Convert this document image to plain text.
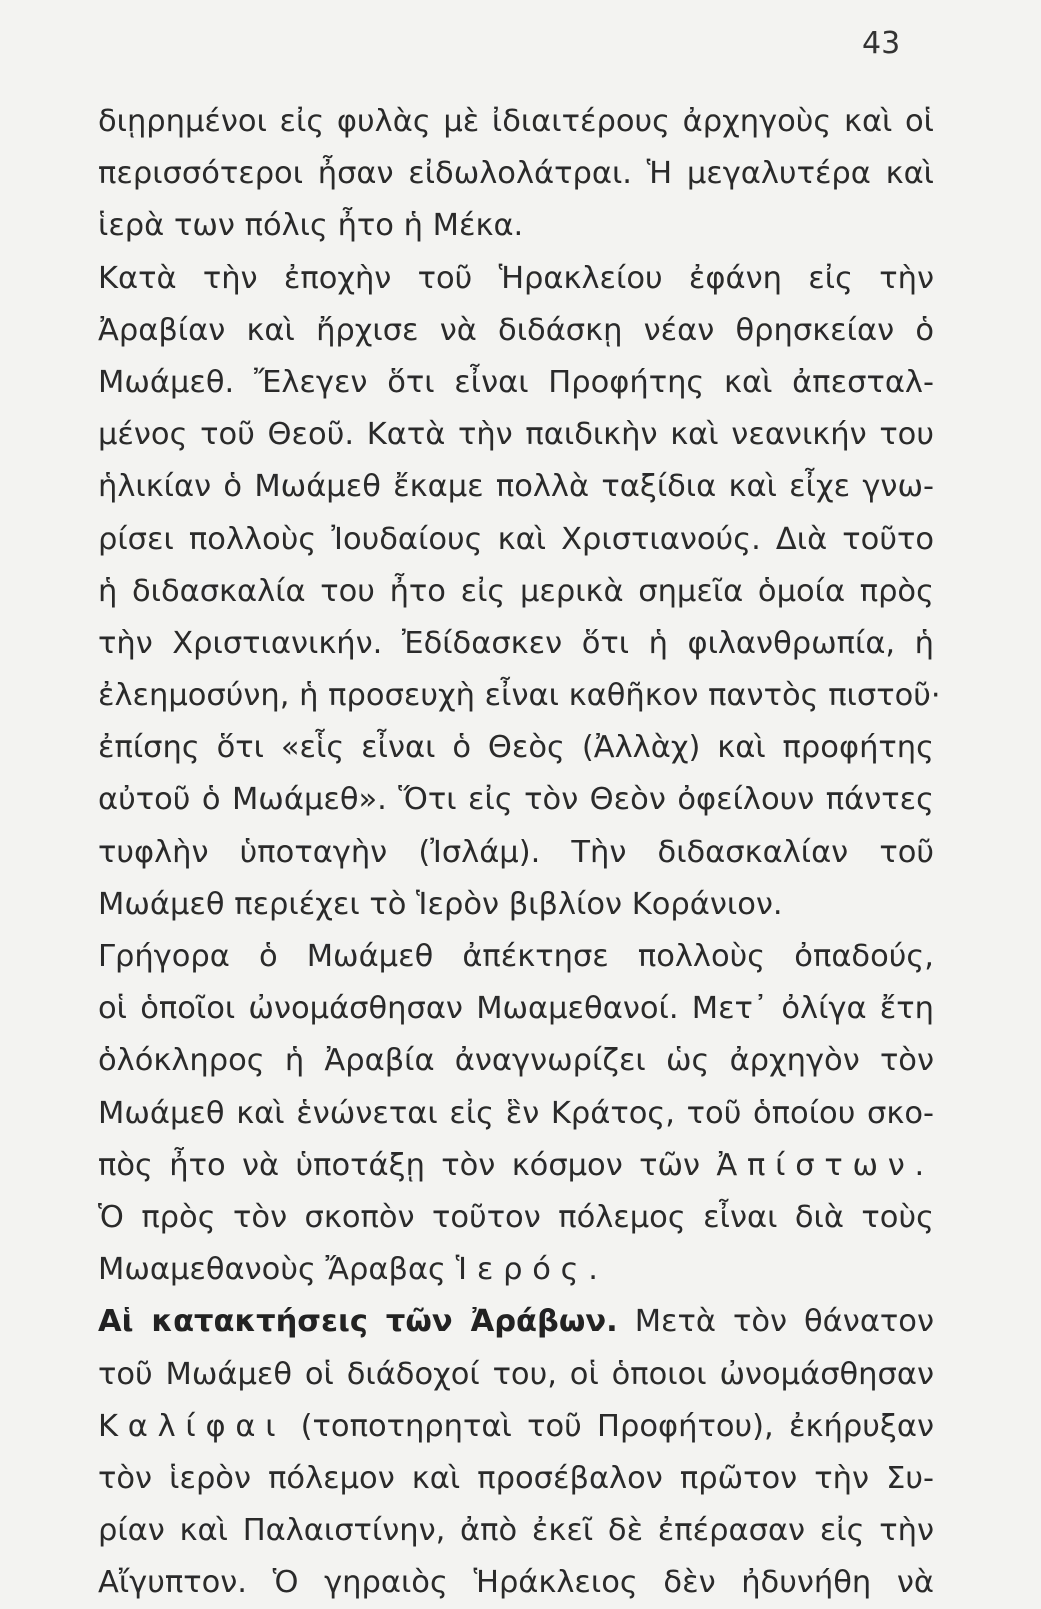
43
διῃρημένοι εἰς φυλὰς μὲ ἰδιαιτέρους ἀρχηγοὺς καὶ οἱ
περισσότεροι ἦσαν εἰδωλολάτραι. Ἡ μεγαλυτέρα καὶ
ἱερὰ των πόλις ἦτο ἡ Μέκα.
Κατὰ τὴν ἐποχὴν τοῦ Ἡρακλείου ἐφάνη εἰς τὴν
Ἀραβίαν καὶ ἤρχισε νὰ διδάσκῃ νέαν θρησκείαν ὁ
Μωάμεθ. Ἔλεγεν ὅτι εἶναι Προφήτης καὶ ἀπεσταλ-
μένος τοῦ Θεοῦ. Κατὰ τὴν παιδικὴν καὶ νεανικήν του
ἡλικίαν ὁ Μωάμεθ ἔκαμε πολλὰ ταξίδια καὶ εἶχε γνω-
ρίσει πολλοὺς Ἰουδαίους καὶ Χριστιανούς. Διὰ τοῦτο
ἡ διδασκαλία του ἦτο εἰς μερικὰ σημεῖα ὁμοία πρὸς
τὴν Χριστιανικήν. Ἐδίδασκεν ὅτι ἡ φιλανθρωπία, ἡ
ἐλεημοσύνη, ἡ προσευχὴ εἶναι καθῆκον παντὸς πιστοῦ·
ἐπίσης ὅτι «εἷς εἶναι ὁ Θεὸς (Ἀλλὰχ) καὶ προφήτης
αὐτοῦ ὁ Μωάμεθ». Ὅτι εἰς τὸν Θεὸν ὀφείλουν πάντες
τυφλὴν ὑποταγὴν (Ἰσλάμ). Τὴν διδασκαλίαν τοῦ
Μωάμεθ περιέχει τὸ Ἱερὸν βιβλίον Κοράνιον.
Γρήγορα ὁ Μωάμεθ ἀπέκτησε πολλοὺς ὀπαδούς,
οἱ ὁποῖοι ὠνομάσθησαν Μωαμεθανοί. Μετ᾽ ὀλίγα ἔτη
ὁλόκληρος ἡ Ἀραβία ἀναγνωρίζει ὡς ἀρχηγὸν τὸν
Μωάμεθ καὶ ἑνώνεται εἰς ἓν Κράτος, τοῦ ὁποίου σκο-
πὸς ἦτο νὰ ὑποτάξῃ τὸν κόσμον τῶν Ἀπίστων.
Ὁ πρὸς τὸν σκοπὸν τοῦτον πόλεμος εἶναι διὰ τοὺς
Μωαμεθανοὺς Ἄραβας Ἱερός.
Αἱ κατακτήσεις τῶν Ἀράβων. Μετὰ τὸν θάνατον
τοῦ Μωάμεθ οἱ διάδοχοί του, οἱ ὁποιοι ὠνομάσθησαν
Καλίφαι (τοποτηρηταὶ τοῦ Προφήτου), ἐκήρυξαν
τὸν ἱερὸν πόλεμον καὶ προσέβαλον πρῶτον τὴν Συ-
ρίαν καὶ Παλαιστίνην, ἀπὸ ἐκεῖ δὲ ἐπέρασαν εἰς τὴν
Αἴγυπτον. Ὁ γηραιὸς Ἡράκλειος δὲν ἠδυνήθη νὰ
